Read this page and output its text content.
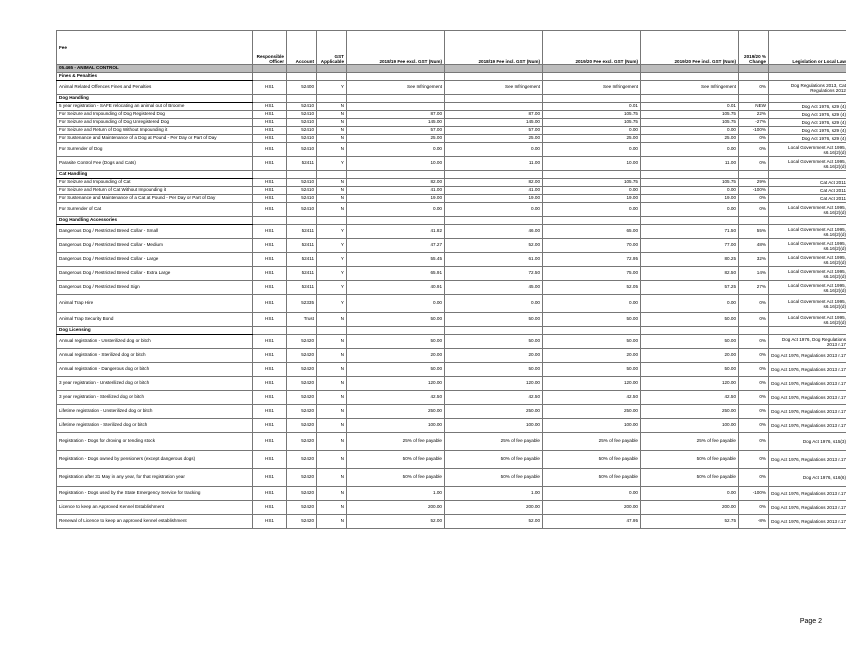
Fee	Responsible Officer	Account	GST Applicable	2018/19 Fee excl. GST (Num)	2018/19 Fee incl. GST (Num)	2019/20 Fee excl. GST (Num)	2019/20 Fee incl. GST (Num)	2019/20 % Change	Legislation or Local Law
05.465 - ANIMAL CONTROL									
Fines & Penalties									
Animal Related Offences Fines and Penalties	HS1	52400	Y	See Infringement	See Infringement	See Infringement	See Infringement	0%	Dog Regulations 2013, Cat Regulations 2012
Dog Handling									
5 year registration - SAFE relocating an animal out of Broome	HS1	52410	N			0.01	0.01	NEW	Dog Act 1976, s29 (4)
For Seizure and Impounding of Dog Registered Dog	HS1	52410	N	87.00	87.00	105.75	105.75	22%	Dog Act 1976, s29 (4)
For Seizure and Impounding of Dog Unregistered Dog	HS1	52410	N	145.00	145.00	105.75	105.75	-27%	Dog Act 1976, s29 (4)
For Seizure and Return of Dog Without Impounding it	HS1	52410	N	57.00	57.00	0.00	0.00	-100%	Dog Act 1976, s29 (4)
For Sustenance and Maintenance of a Dog at Pound - Per Day or Part of Day	HS1	52410	N	25.00	25.00	25.00	25.00	0%	Dog Act 1976, s29 (4)
For Surrender of Dog	HS1	52410	N	0.00	0.00	0.00	0.00	0%	Local Government Act 1995, s6.16(2)(d)
Parasite Control Fee (Dogs and Cats)	HS1	52411	Y	10.00	11.00	10.00	11.00	0%	Local Government Act 1995, s6.16(2)(d)
Cat Handling									
For Seizure and Impounding of Cat	HS1	52410	N	82.00	82.00	105.75	105.75	29%	Cat Act 2011
For Seizure and Return of Cat Without Impounding it	HS1	52410	N	41.00	41.00	0.00	0.00	-100%	Cat Act 2011
For Sustenance and Maintenance of a Cat at Pound - Per Day or Part of Day	HS1	52410	N	19.00	19.00	19.00	19.00	0%	Cat Act 2011
For Surrender of Cat	HS1	52410	N	0.00	0.00	0.00	0.00	0%	Local Government Act 1995, s6.16(2)(d)
Dog Handling Accessories									
Dangerous Dog / Restricted Breed Collar - Small	HS1	52411	Y	41.82	46.00	65.00	71.50	55%	Local Government Act 1995, s6.16(2)(d)
Dangerous Dog / Restricted Breed Collar - Medium	HS1	52411	Y	47.27	52.00	70.00	77.00	48%	Local Government Act 1995, s6.16(2)(d)
Dangerous Dog / Restricted Breed Collar - Large	HS1	52411	Y	55.45	61.00	72.95	80.25	32%	Local Government Act 1995, s6.16(2)(d)
Dangerous Dog / Restricted Breed Collar - Extra Large	HS1	52411	Y	65.91	72.50	75.00	82.50	14%	Local Government Act 1995, s6.16(2)(d)
Dangerous Dog / Restricted Breed Sign	HS1	52411	Y	40.91	45.00	52.05	57.25	27%	Local Government Act 1995, s6.16(2)(d)
Animal Trap Hire	HS1	52335	Y	0.00	0.00	0.00	0.00	0%	Local Government Act 1995, s6.16(2)(d)
Animal Trap Security Bond	HS1	Trust	N	50.00	50.00	50.00	50.00	0%	Local Government Act 1995, s6.16(2)(d)
Dog Licensing									
Annual registration - Unsterilized dog or bitch	HS1	52420	N	50.00	50.00	50.00	50.00	0%	Dog Act 1976, Dog Regulations 2013 r.17
Annual registration - Sterilized dog or bitch	HS1	52420	N	20.00	20.00	20.00	20.00	0%	Dog Act 1976, Regulations 2013 r.17
Annual registration - Dangerous dog or bitch	HS1	52420	N	50.00	50.00	50.00	50.00	0%	Dog Act 1976, Regulations 2013 r.17
3 year registration - Unsterilized dog or bitch	HS1	52420	N	120.00	120.00	120.00	120.00	0%	Dog Act 1976, Regulations 2013 r.17
3 year registration - Sterilized dog or bitch	HS1	52420	N	42.50	42.50	42.50	42.50	0%	Dog Act 1976, Regulations 2013 r.17
Lifetime registration - Unsterilized dog or bitch	HS1	52420	N	250.00	250.00	250.00	250.00	0%	Dog Act 1976, Regulations 2013 r.17
Lifetime registration - Sterilized dog or bitch	HS1	52420	N	100.00	100.00	100.00	100.00	0%	Dog Act 1976, Regulations 2013 r.17
Registration - Dogs for droving or tending stock	HS1	52420	N	25% of fee payable	25% of fee payable	25% of fee payable	25% of fee payable	0%	Dog Act 1976, s15(3)
Registration - Dogs owned by pensioners (except dangerous dogs)	HS1	52420	N	50% of fee payable	50% of fee payable	50% of fee payable	50% of fee payable	0%	Dog Act 1976, Regulations 2013 r.17
Registration after 31 May in any year, for that registration year	HS1	52420	N	50% of fee payable	50% of fee payable	50% of fee payable	50% of fee payable	0%	Dog Act 1976, s16(6)
Registration - Dogs used by the State Emergency Service for tracking	HS1	52420	N	1.00	1.00	0.00	0.00	-100%	Dog Act 1976, Regulations 2013 r.17
Licence to keep an Approved Kennel Establishment	HS1	52420	N	200.00	200.00	200.00	200.00	0%	Dog Act 1976, Regulations 2013 r.17
Renewal of Licence to keep an approved kennel establishment	HS1	52420	N	52.00	52.00	47.95	52.75	-8%	Dog Act 1976, Regulations 2013 r.17
Page 2
